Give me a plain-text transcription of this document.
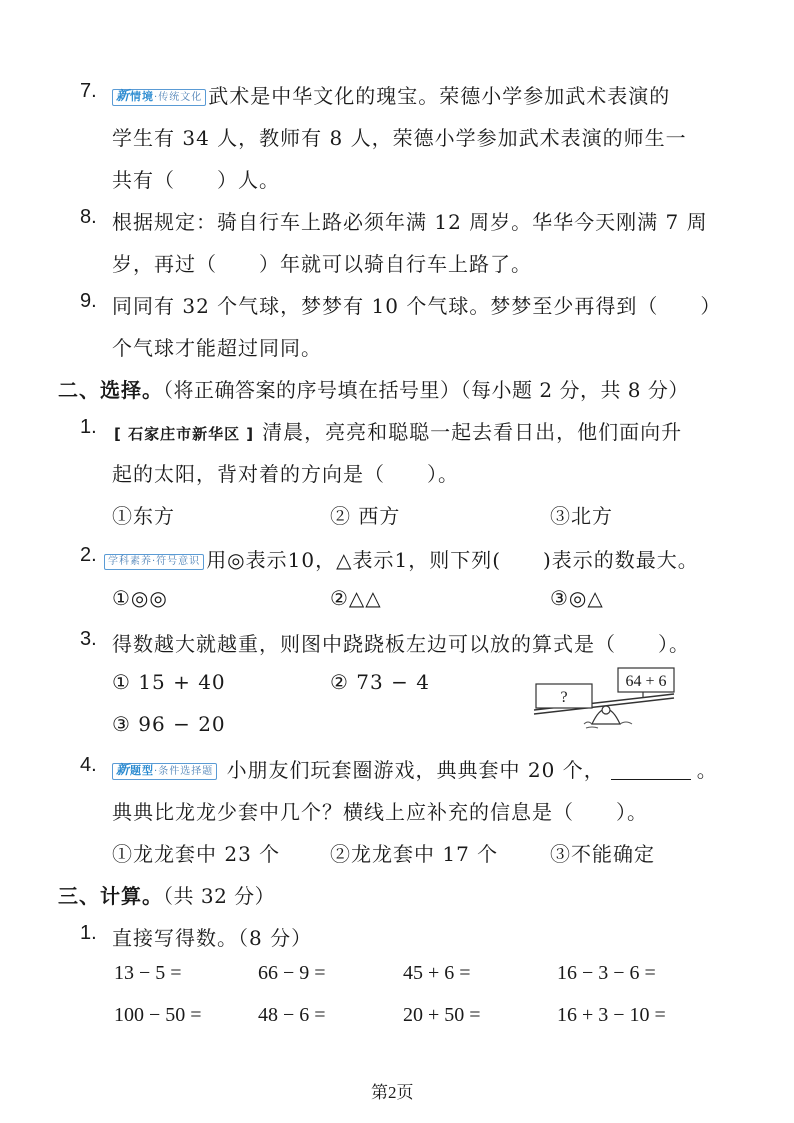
7.	新情境·传统文化 武术是中华文化的瑰宝。荣德小学参加武术表演的
学生有 34 人，教师有 8 人，荣德小学参加武术表演的师生一
共有（　　）人。
8. 根据规定：骑自行车上路必须年满 12 周岁。华华今天刚满 7 周
岁，再过（　　）年就可以骑自行车上路了。
9. 同同有 32 个气球，梦梦有 10 个气球。梦梦至少再得到（　　）
个气球才能超过同同。
二、选择。（将正确答案的序号填在括号里）（每小题 2 分，共 8 分）
1. [ 石家庄市新华区 ] 清晨，亮亮和聪聪一起去看日出，他们面向升
起的太阳，背对着的方向是（　　）。
①东方	② 西方	③北方
2.	学科素养·符号意识 用◎表示10，△表示1，则下列(　　)表示的数最大。
①◎◎	②△△	③◎△
3. 得数越大就越重，则图中跷跷板左边可以放的算式是（　　）。
① 15 + 40	② 73 − 4
③ 96 − 20
?
64 + 6
4.	新题型·条件选择题 小朋友们玩套圈游戏，典典套中 20 个，	。
典典比龙龙少套中几个？横线上应补充的信息是（　　）。
①龙龙套中 23 个 ②龙龙套中 17 个	③不能确定
三、计算。（共 32 分）
1. 直接写得数。（8 分）
13 − 5 =	66 − 9 =	45 + 6 =	16 − 3 − 6 =
100 − 50 =	48 − 6 =	20 + 50 =	16 + 3 − 10 =
第2页
